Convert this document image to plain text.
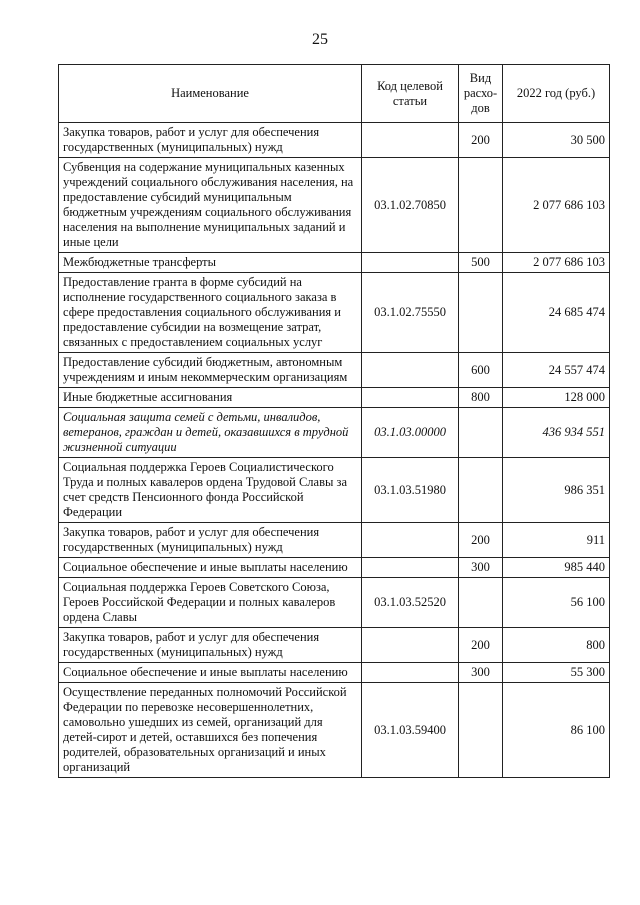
25
Наименование	Код целевой статьи	Вид расхо-дов	2022 год (руб.)
Закупка товаров, работ и услуг для обеспечения государственных (муниципальных) нужд		200	30 500
Субвенция на содержание муниципальных казенных учреждений социального обслуживания населения, на предоставление субсидий муниципальным бюджетным учреждениям социального обслуживания населения на выполнение муниципальных заданий и иные цели	03.1.02.70850		2 077 686 103
Межбюджетные трансферты		500	2 077 686 103
Предоставление гранта в форме субсидий на исполнение государственного социального заказа в сфере предоставления социального обслуживания и предоставление субсидии на возмещение затрат, связанных с предоставлением социальных услуг	03.1.02.75550		24 685 474
Предоставление субсидий бюджетным, автономным учреждениям и иным некоммерческим организациям		600	24 557 474
Иные бюджетные ассигнования		800	128 000
Социальная защита семей с детьми, инвалидов, ветеранов, граждан и детей, оказавшихся в трудной жизненной ситуации	03.1.03.00000		436 934 551
Социальная поддержка Героев Социалистического Труда и полных кавалеров ордена Трудовой Славы за счет средств Пенсионного фонда Российской Федерации	03.1.03.51980		986 351
Закупка товаров, работ и услуг для обеспечения государственных (муниципальных) нужд		200	911
Социальное обеспечение и иные выплаты населению		300	985 440
Социальная поддержка Героев Советского Союза, Героев Российской Федерации и полных кавалеров ордена Славы	03.1.03.52520		56 100
Закупка товаров, работ и услуг для обеспечения государственных (муниципальных) нужд		200	800
Социальное обеспечение и иные выплаты населению		300	55 300
Осуществление переданных полномочий Российской Федерации по перевозке несовершеннолетних, самовольно ушедших из семей, организаций для детей-сирот и детей, оставшихся без попечения родителей, образовательных организаций и иных организаций	03.1.03.59400		86 100
